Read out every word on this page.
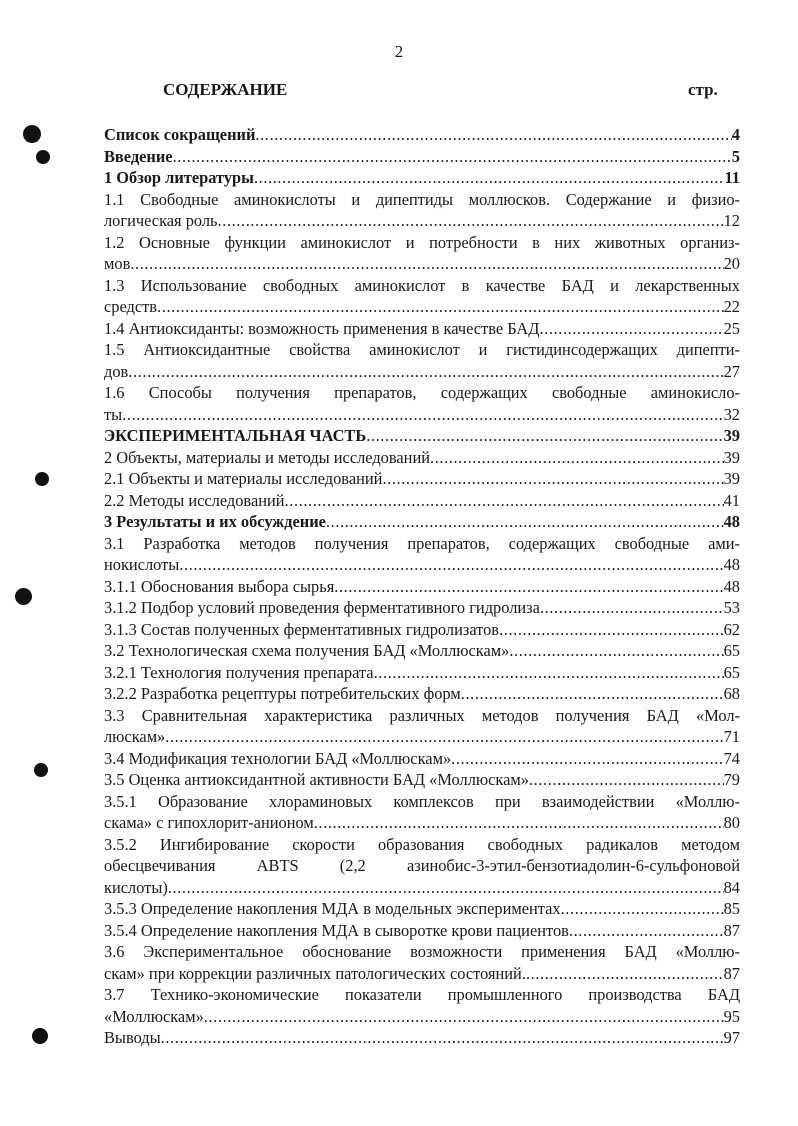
2
СОДЕРЖАНИЕ	стр.
Список сокращений .....	4
Введение .....	5
1 Обзор литературы .....	11
1.1 Свободные аминокислоты и дипептиды моллюсков. Содержание и физио-
логическая роль .....	12
1.2 Основные функции аминокислот и потребности в них животных организ-
мов .....	20
1.3 Использование свободных аминокислот в качестве БАД и лекарственных
средств .....	22
1.4 Антиоксиданты: возможность применения в качестве БАД .....	25
1.5 Антиоксидантные свойства аминокислот и гистидинсодержащих дипепти-
дов .....	27
1.6 Способы получения препаратов, содержащих свободные аминокисло-
ты .....	32
ЭКСПЕРИМЕНТАЛЬНАЯ ЧАСТЬ .....	39
2 Объекты, материалы и методы исследований .....	39
2.1 Объекты и материалы исследований .....	39
2.2 Методы исследований .....	41
3 Результаты и их обсуждение .....	48
3.1 Разработка методов получения препаратов, содержащих свободные ами-
нокислоты .....	48
3.1.1 Обоснования выбора сырья .....	48
3.1.2 Подбор условий проведения ферментативного гидролиза .....	53
3.1.3 Состав полученных ферментативных гидролизатов .....	62
3.2 Технологическая схема получения БАД «Моллюскам» .....	65
3.2.1 Технология получения препарата .....	65
3.2.2 Разработка рецептуры потребительских форм .....	68
3.3 Сравнительная характеристика различных методов получения БАД «Мол-
люскам» .....	71
3.4 Модификация технологии БАД «Моллюскам» .....	74
3.5 Оценка антиоксидантной активности БАД «Моллюскам» .....	79
3.5.1 Образование хлораминовых комплексов при взаимодействии «Моллю-
скама» с гипохлорит-анионом .....	80
3.5.2 Ингибирование скорости образования свободных радикалов методом
обесцвечивания ABTS (2,2 азинобис-3-этил-бензотиадолин-6-сульфоновой
кислоты) .....	84
3.5.3 Определение накопления МДА в модельных экспериментах .....	85
3.5.4 Определение накопления МДА в сыворотке крови пациентов .....	87
3.6 Экспериментальное обоснование возможности применения БАД «Моллю-
скам» при коррекции различных патологических состояний. .....	87
3.7 Технико-экономические показатели промышленного производства БАД
«Моллюскам» .....	95
Выводы .....	97
